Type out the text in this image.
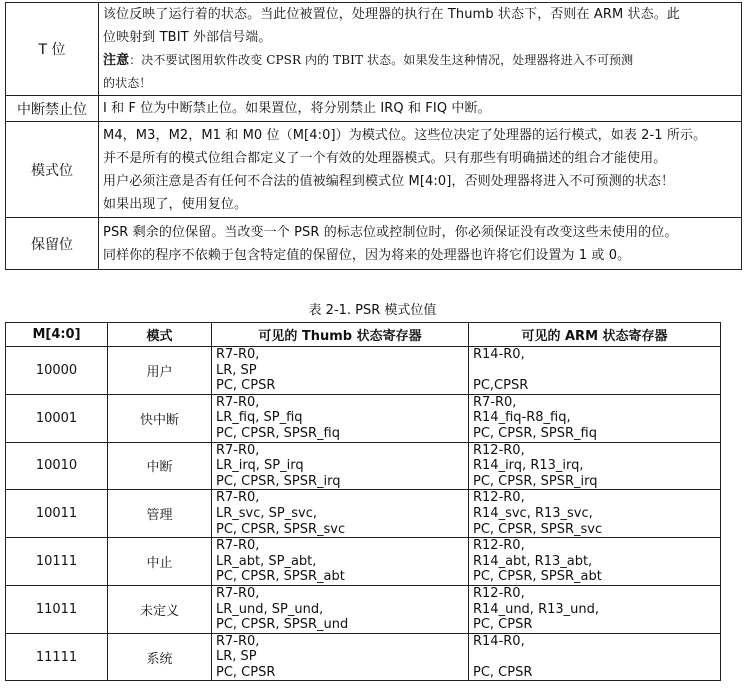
T 位	该位反映了运行着的状态。当此位被置位，处理器的执行在 Thumb 状态下，否则在 ARM 状态。此
位映射到 TBIT 外部信号端。
注意：决不要试图用软件改变 CPSR 内的 TBIT 状态。如果发生这种情况，处理器将进入不可预测
的状态！

中断禁止位	I 和 F 位为中断禁止位。如果置位，将分别禁止 IRQ 和 FIQ 中断。

模式位	M4，M3，M2，M1 和 M0 位（M[4:0]）为模式位。这些位决定了处理器的运行模式，如表 2-1 所示。
并不是所有的模式位组合都定义了一个有效的处理器模式。只有那些有明确描述的组合才能使用。
用户必须注意是否有任何不合法的值被编程到模式位 M[4:0]，否则处理器将进入不可预测的状态！
如果出现了，使用复位。

保留位	PSR 剩余的位保留。当改变一个 PSR 的标志位或控制位时，你必须保证没有改变这些未使用的位。
同样你的程序不依赖于包含特定值的保留位，因为将来的处理器也许将它们设置为 1 或 0。
表 2-1. PSR 模式位值
M[4:0]	模式	可见的 Thumb 状态寄存器	可见的 ARM 状态寄存器
10000	用户	R7-R0,
LR, SP
PC, CPSR	R14-R0,
PC,CPSR

10001	快中断	R7-R0,
LR_fiq, SP_fiq
PC, CPSR, SPSR_fiq	R7-R0,
R14_fiq-R8_fiq,
PC, CPSR, SPSR_fiq

10010	中断	R7-R0,
LR_irq, SP_irq
PC, CPSR, SPSR_irq	R12-R0,
R14_irq, R13_irq,
PC, CPSR, SPSR_irq

10011	管理	R7-R0,
LR_svc, SP_svc,
PC, CPSR, SPSR_svc	R12-R0,
R14_svc, R13_svc,
PC, CPSR, SPSR_svc

10111	中止	R7-R0,
LR_abt, SP_abt,
PC, CPSR, SPSR_abt	R12-R0,
R14_abt, R13_abt,
PC, CPSR, SPSR_abt

11011	未定义	R7-R0,
LR_und, SP_und,
PC, CPSR, SPSR_und	R12-R0,
R14_und, R13_und,
PC, CPSR

11111	系统	R7-R0,
LR, SP
PC, CPSR	R14-R0,
PC, CPSR
